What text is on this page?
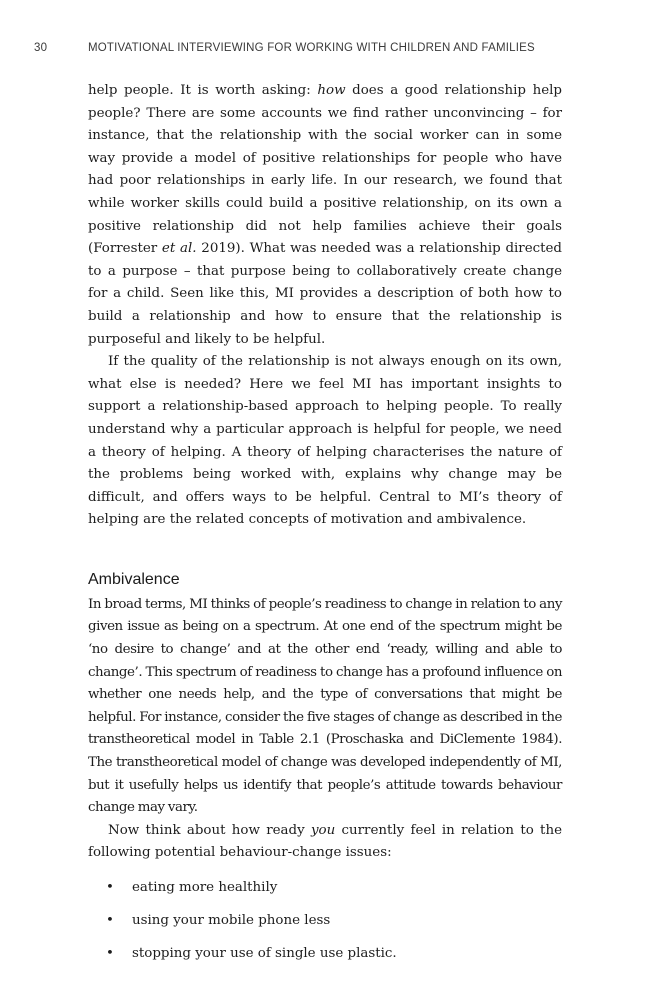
30	MOTIVATIONAL INTERVIEWING FOR WORKING WITH CHILDREN AND FAMILIES

help people. It is worth asking: how does a good relationship help people? There are some accounts we find rather unconvincing – for instance, that the relationship with the social worker can in some way provide a model of positive relationships for people who have had poor relationships in early life. In our research, we found that while worker skills could build a positive relationship, on its own a positive relationship did not help families achieve their goals (Forrester et al. 2019). What was needed was a relationship directed to a purpose – that purpose being to collaboratively create change for a child. Seen like this, MI provides a description of both how to build a relationship and how to ensure that the relationship is purposeful and likely to be helpful.

If the quality of the relationship is not always enough on its own, what else is needed? Here we feel MI has important insights to support a relationship-based approach to helping people. To really understand why a particular approach is helpful for people, we need a theory of helping. A theory of helping characterises the nature of the problems being worked with, explains why change may be difficult, and offers ways to be helpful. Central to MI’s theory of helping are the related concepts of motivation and ambivalence.

Ambivalence

In broad terms, MI thinks of people’s readiness to change in relation to any given issue as being on a spectrum. At one end of the spectrum might be ‘no desire to change’ and at the other end ‘ready, willing and able to change’. This spectrum of readiness to change has a profound influence on whether one needs help, and the type of conversations that might be helpful. For instance, consider the five stages of change as described in the transtheoretical model in Table 2.1 (Proschaska and DiClemente 1984). The transtheoretical model of change was developed independently of MI, but it usefully helps us identify that people’s attitude towards behaviour change may vary.

Now think about how ready you currently feel in relation to the following potential behaviour-change issues:

• eating more healthily
• using your mobile phone less
• stopping your use of single use plastic.
